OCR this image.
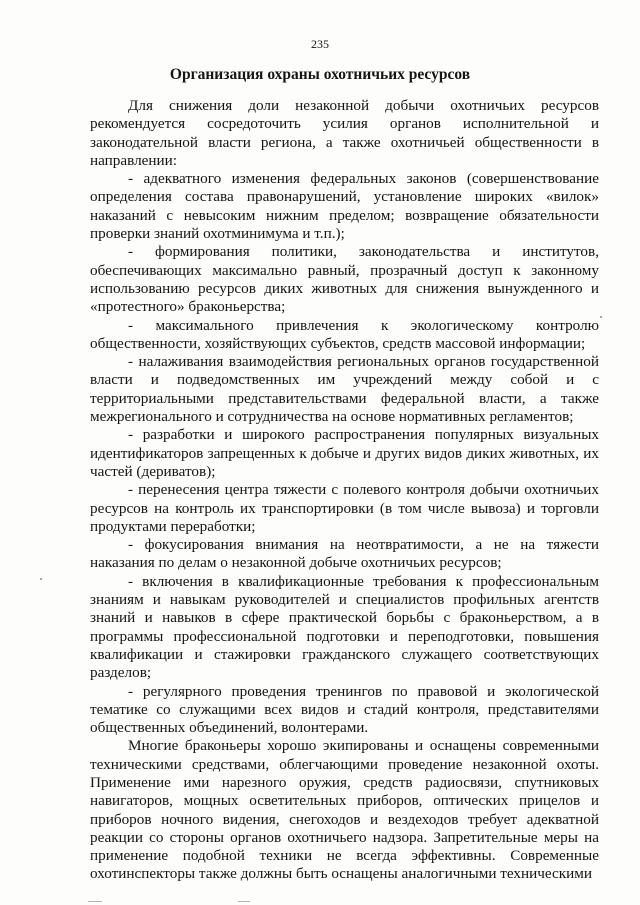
235
Организация охраны охотничьих ресурсов

Для снижения доли незаконной добычи охотничьих ресурсов рекомендуется сосредоточить усилия органов исполнительной и законодательной власти региона, а также охотничьей общественности в направлении:

- адекватного изменения федеральных законов (совершенствование определения состава правонарушений, установление широких «вилок» наказаний с невысоким нижним пределом; возвращение обязательности проверки знаний охотминимума и т.п.);

- формирования политики, законодательства и институтов, обеспечивающих максимально равный, прозрачный доступ к законному использованию ресурсов диких животных для снижения вынужденного и «протестного» браконьерства;

- максимального привлечения к экологическому контролю общественности, хозяйствующих субъектов, средств массовой информации;

- налаживания взаимодействия региональных органов государственной власти и подведомственных им учреждений между собой и с территориальными представительствами федеральной власти, а также межрегионального и сотрудничества на основе нормативных регламентов;

- разработки и широкого распространения популярных визуальных идентификаторов запрещенных к добыче и других видов диких животных, их частей (дериватов);

- перенесения центра тяжести с полевого контроля добычи охотничьих ресурсов на контроль их транспортировки (в том числе вывоза) и торговли продуктами переработки;

- фокусирования внимания на неотвратимости, а не на тяжести наказания по делам о незаконной добыче охотничьих ресурсов;

- включения в квалификационные требования к профессиональным знаниям и навыкам руководителей и специалистов профильных агентств знаний и навыков в сфере практической борьбы с браконьерством, а в программы профессиональной подготовки и переподготовки, повышения квалификации и стажировки гражданского служащего соответствующих разделов;

- регулярного проведения тренингов по правовой и экологической тематике со служащими всех видов и стадий контроля, представителями общественных объединений, волонтерами.

Многие браконьеры хорошо экипированы и оснащены современными техническими средствами, облегчающими проведение незаконной охоты. Применение ими нарезного оружия, средств радиосвязи, спутниковых навигаторов, мощных осветительных приборов, оптических прицелов и приборов ночного видения, снегоходов и вездеходов требует адекватной реакции со стороны органов охотничьего надзора. Запретительные меры на применение подобной техники не всегда эффективны. Современные охотинспекторы также должны быть оснащены аналогичными техническими
